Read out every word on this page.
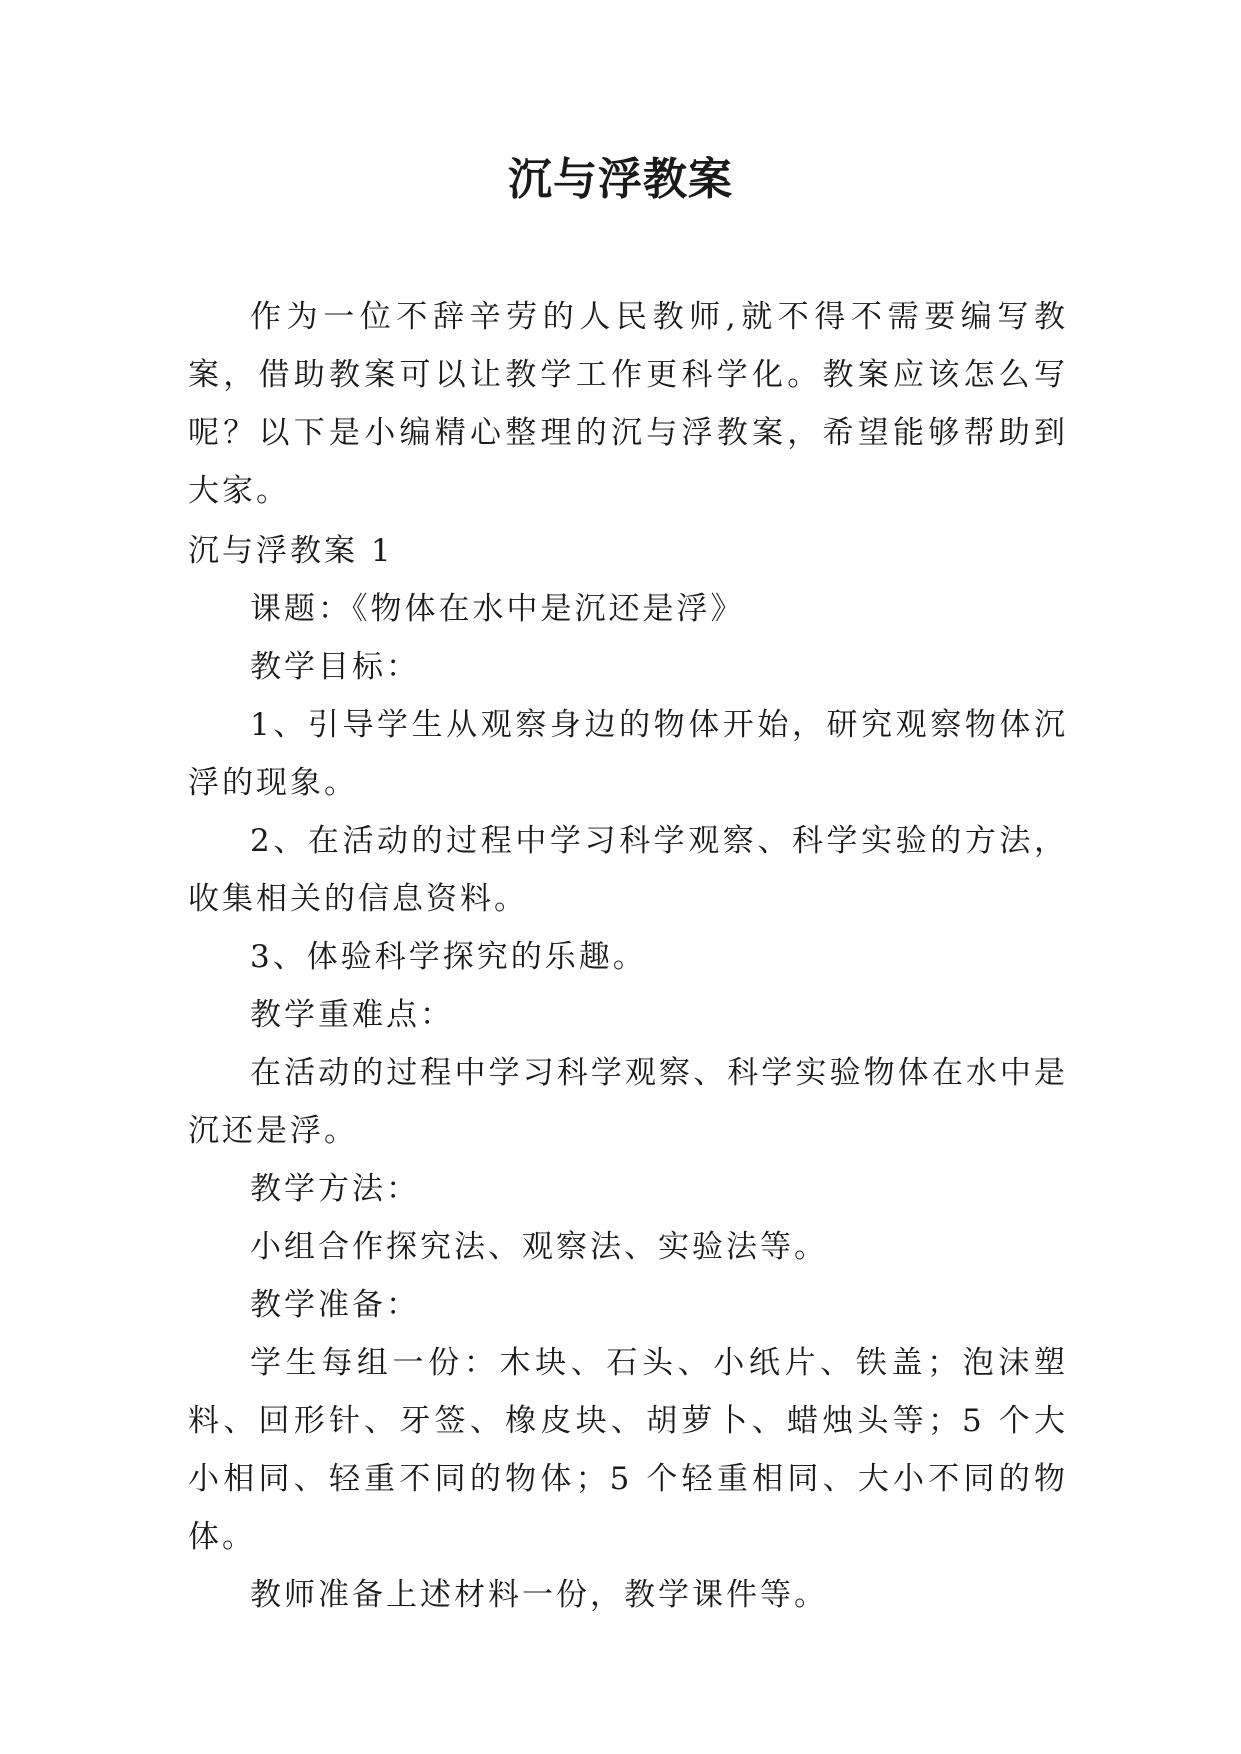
沉与浮教案

作为一位不辞辛劳的人民教师,就不得不需要编写教案，借助教案可以让教学工作更科学化。教案应该怎么写呢？以下是小编精心整理的沉与浮教案，希望能够帮助到大家。

沉与浮教案 1

课题：《物体在水中是沉还是浮》

教学目标：

1、引导学生从观察身边的物体开始，研究观察物体沉浮的现象。

2、在活动的过程中学习科学观察、科学实验的方法，收集相关的信息资料。

3、体验科学探究的乐趣。

教学重难点：

在活动的过程中学习科学观察、科学实验物体在水中是沉还是浮。

教学方法：

小组合作探究法、观察法、实验法等。

教学准备：

学生每组一份：木块、石头、小纸片、铁盖；泡沫塑料、回形针、牙签、橡皮块、胡萝卜、蜡烛头等；5 个大小相同、轻重不同的物体；5 个轻重相同、大小不同的物体。

教师准备上述材料一份，教学课件等。
